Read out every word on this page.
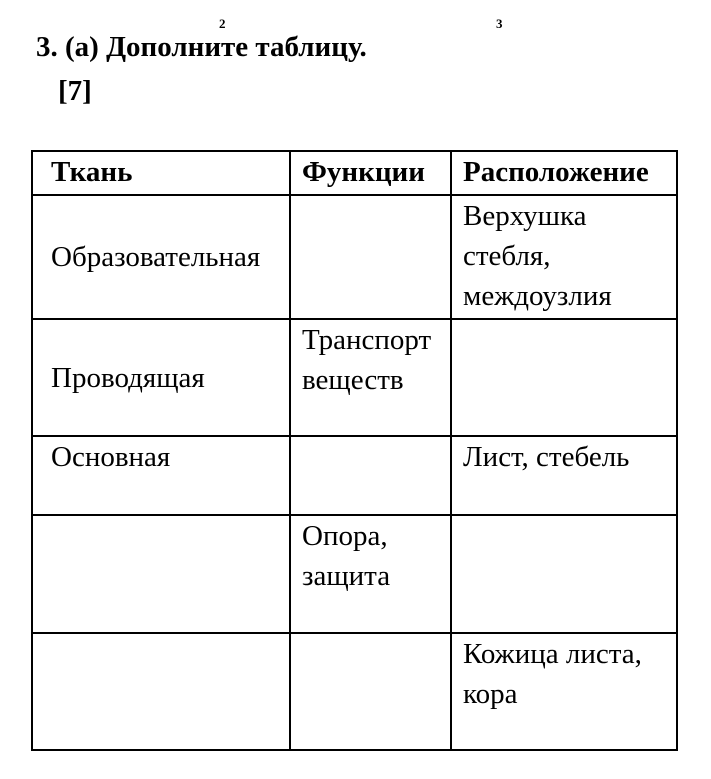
2	3
3. (a) Дополните таблицу.
[7]
Ткань	Функции	Расположение
Образовательная		Верхушка стебля, междоузлия
Проводящая	Транспорт веществ	
Основная		Лист, стебель
	Опора, защита	
		Кожица листа, кора
